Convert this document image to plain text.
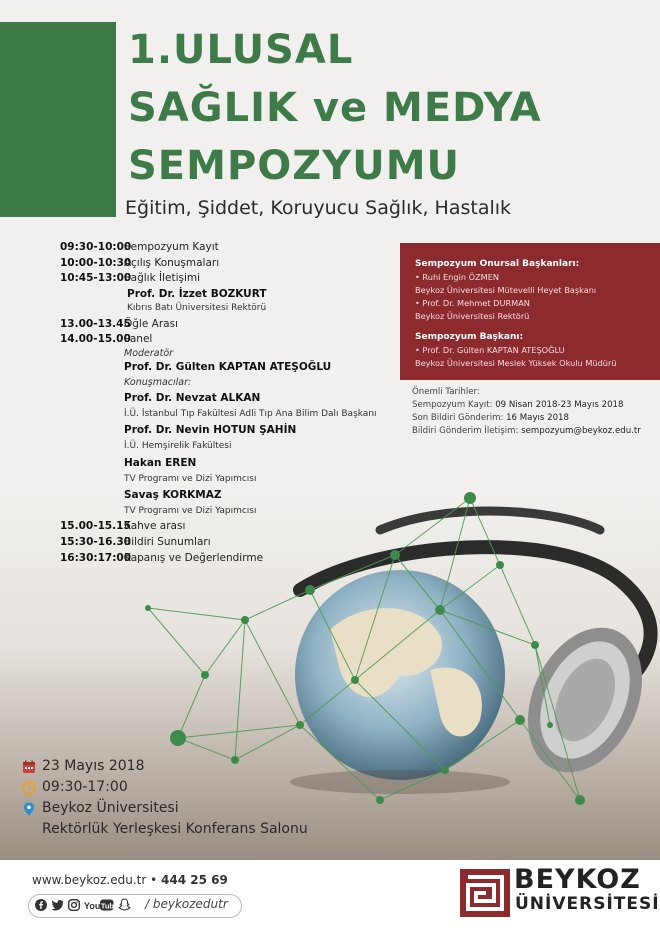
1.ULUSAL
SAĞLIK ve MEDYA
SEMPOZYUMU
Eğitim, Şiddet, Koruyucu Sağlık, Hastalık
09:30-10:00
Sempozyum Kayıt
10:00-10:30
Açılış Konuşmaları
10:45-13:00
Sağlık İletişimi
Prof. Dr. İzzet BOZKURT
Kıbrıs Batı Üniversitesi Rektörü
13.00-13.45
Öğle Arası
14.00-15.00
Panel
Moderatör
Prof. Dr. Gülten KAPTAN ATEŞOĞLU
Konuşmacılar:
Prof. Dr. Nevzat ALKAN
İ.Ü. İstanbul Tıp Fakültesi Adli Tıp Ana Bilim Dalı Başkanı
Prof. Dr. Nevin HOTUN ŞAHİN
İ.Ü. Hemşirelik Fakültesi
Hakan EREN
TV Programı ve Dizi Yapımcısı
Savaş KORKMAZ
TV Programı ve Dizi Yapımcısı
15.00-15.15
Kahve arası
15:30-16.30
Bildiri Sunumları
16:30:17:00
Kapanış ve Değerlendirme
Sempozyum Onursal Başkanları:
• Ruhi Engin ÖZMEN
Beykoz Üniversitesi Mütevelli Heyet Başkanı
• Prof. Dr. Mehmet DURMAN
Beykoz Üniversitesi Rektörü
Sempozyum Başkanı:
• Prof. Dr. Gülten KAPTAN ATEŞOĞLU
Beykoz Üniversitesi Meslek Yüksek Okulu Müdürü
Önemli Tarihler:
Sempozyum Kayıt: 09 Nisan 2018-23 Mayıs 2018
Son Bildiri Gönderim: 16 Mayıs 2018
Bildiri Gönderim İletişim: sempozyum@beykoz.edu.tr
23 Mayıs 2018
09:30-17:00
Beykoz Üniversitesi
Rektörlük Yerleşkesi Konferans Salonu
www.beykoz.edu.tr • 444 25 69
You Tube / beykozedutr
BEYKOZ
ÜNİVERSİTESİ
